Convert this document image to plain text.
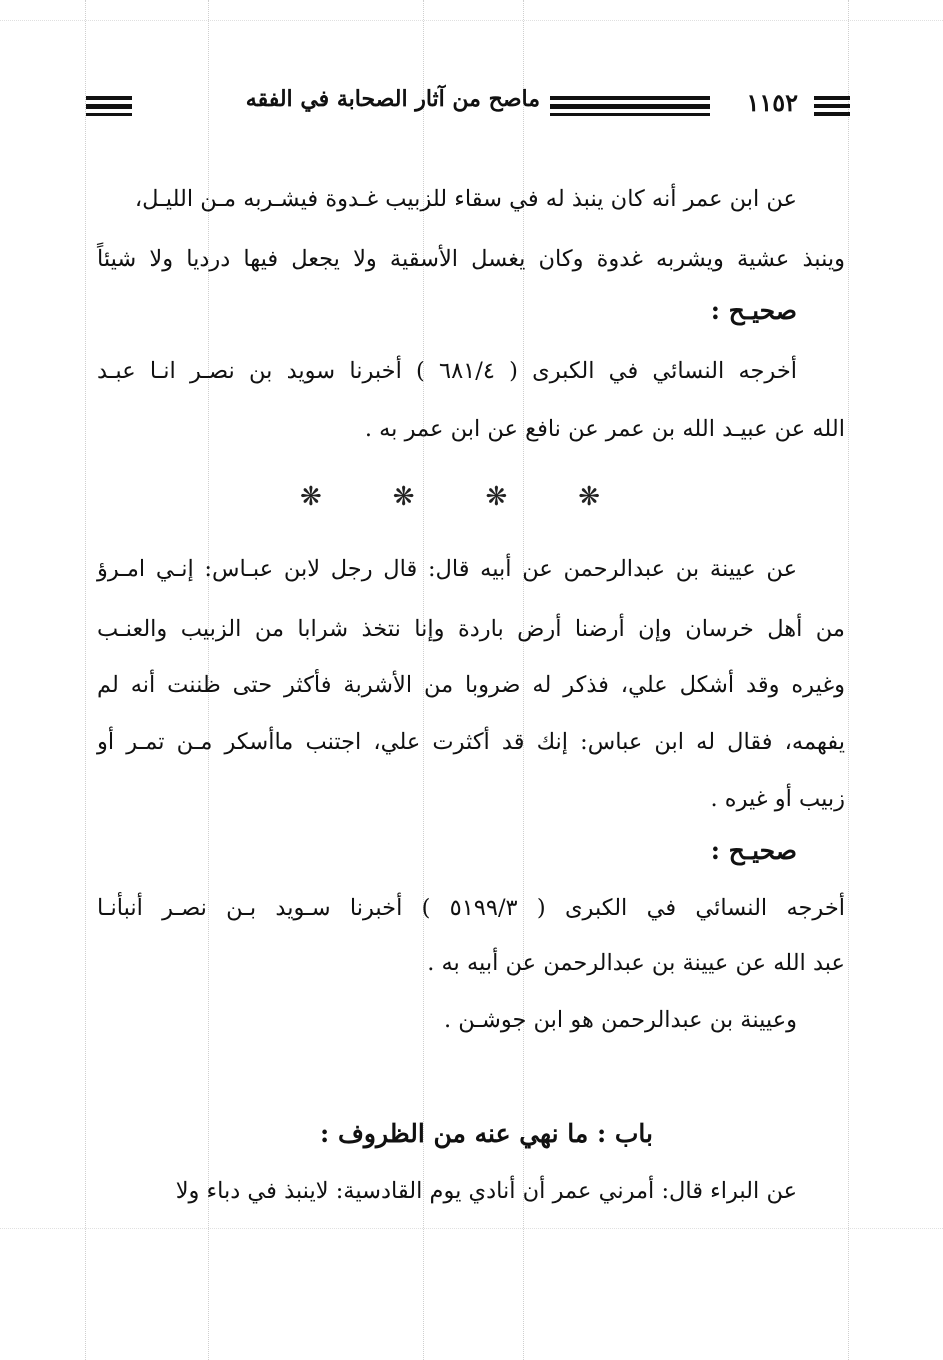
١١٥٢
ماصح من آثار الصحابة في الفقه
عن ابن عمر أنه كان ينبذ له في سقاء للزبيب غـدوة فيشـربه مـن الليـل،
وينبذ عشية ويشربه غدوة وكان يغسل الأسقية ولا يجعل فيها درديا ولا شيئاً
صحيـح :
أخرجه النسائي في الكبرى ( ٦٨١/٤ ) أخبرنا سويد بن نصـر انـا عبـد
الله عن عبيـد الله بن عمر عن نافع عن ابن عمر به .
❋	❋	❋	❋
عن عيينة بن عبدالرحمن عن أبيه قال: قال رجل لابن عبـاس: إنـي امـرؤ
من أهل خرسان وإن أرضنا أرض باردة وإنا نتخذ شرابا من الزبيب والعنـب
وغيره وقد أشكل علي، فذكر له ضروبا من الأشربة فأكثر حتى ظننت أنه لم
يفهمه، فقال له ابن عباس: إنك قد أكثرت علي، اجتنب ماأسكر مـن تمـر أو
زبيب أو غيره .
صحيـح :
أخرجه النسائي في الكبرى ( ٥١٩٩/٣ ) أخبرنا سـويد بـن نصـر أنبأنـا
عبد الله عن عيينة بن عبدالرحمن عن أبيه به .
وعيينة بن عبدالرحمن هو ابن جوشـن .
باب : ما نهي عنه من الظروف :
عن البراء قال: أمرني عمر أن أنادي يوم القادسية: لاينبذ في دباء ولا
